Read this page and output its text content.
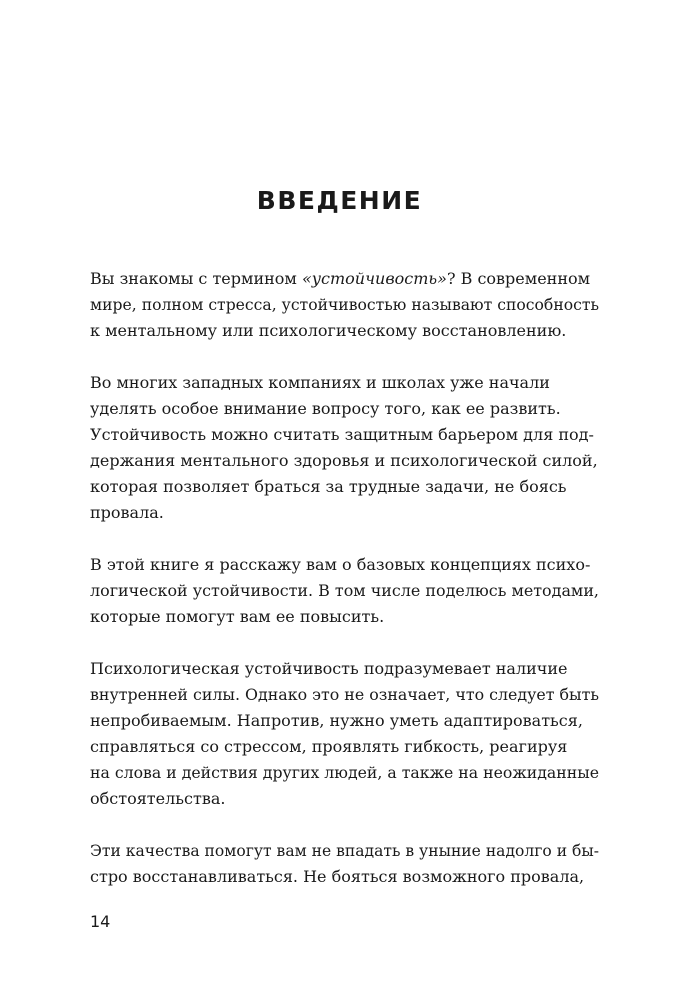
ВВЕДЕНИЕ
Вы знакомы с термином «устойчивость»? В современном
мире, полном стресса, устойчивостью называют способность
к ментальному или психологическому восстановлению.
Во многих западных компаниях и школах уже начали
уделять особое внимание вопросу того, как ее развить.
Устойчивость можно считать защитным барьером для под-
держания ментального здоровья и психологической силой,
которая позволяет браться за трудные задачи, не боясь
провала.
В этой книге я расскажу вам о базовых концепциях психо-
логической устойчивости. В том числе поделюсь методами,
которые помогут вам ее повысить.
Психологическая устойчивость подразумевает наличие
внутренней силы. Однако это не означает, что следует быть
непробиваемым. Напротив, нужно уметь адаптироваться,
справляться со стрессом, проявлять гибкость, реагируя
на слова и действия других людей, а также на неожиданные
обстоятельства.
Эти качества помогут вам не впадать в уныние надолго и бы-
стро восстанавливаться. Не бояться возможного провала,
14
